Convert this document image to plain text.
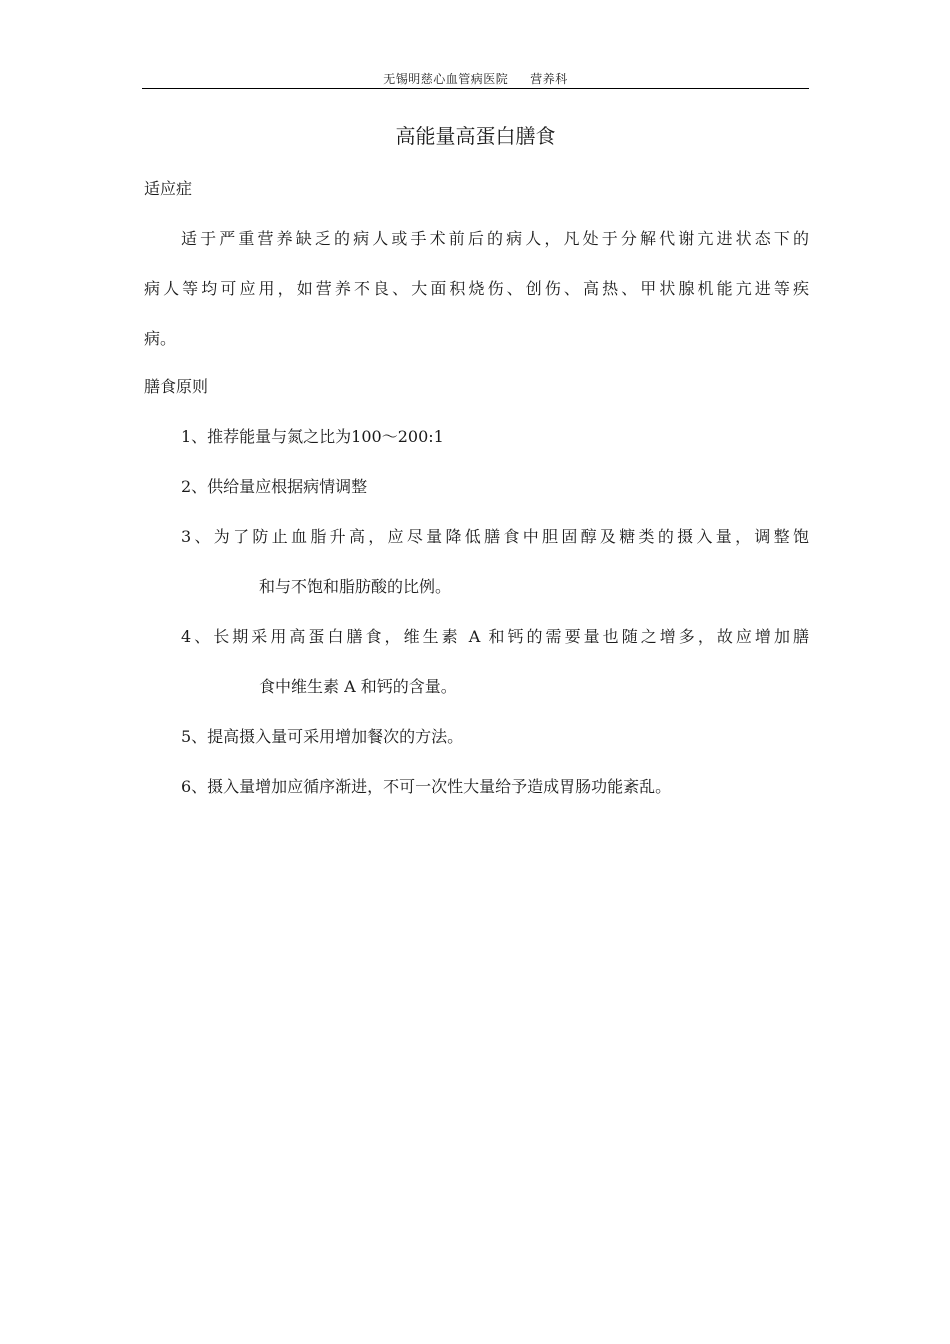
无锡明慈心血管病医院 营养科
高能量高蛋白膳食
适应症
适于严重营养缺乏的病人或手术前后的病人，凡处于分解代谢亢进状态下的
病人等均可应用，如营养不良、大面积烧伤、创伤、高热、甲状腺机能亢进等疾
病。
膳食原则
1、推荐能量与氮之比为100～200:1
2、供给量应根据病情调整
3、为了防止血脂升高，应尽量降低膳食中胆固醇及糖类的摄入量，调整饱
和与不饱和脂肪酸的比例。
4、长期采用高蛋白膳食，维生素 A 和钙的需要量也随之增多，故应增加膳
食中维生素 A 和钙的含量。
5、提高摄入量可采用增加餐次的方法。
6、摄入量增加应循序渐进，不可一次性大量给予造成胃肠功能紊乱。
